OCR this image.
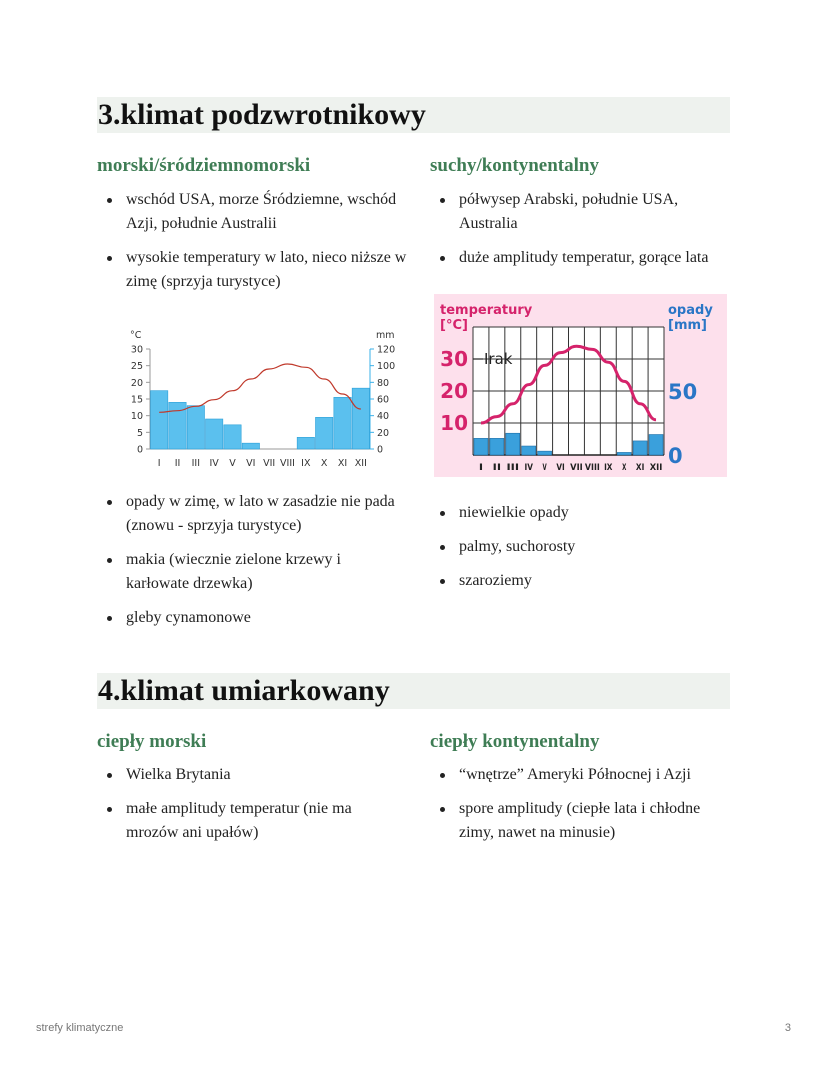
3.klimat podzwrotnikowy
morski/śródziemnomorski	suchy/kontynentalny
wschód USA, morze Śródziemne, wschód Azji, południe Australii
wysokie temperatury w lato, nieco niższe w zimę (sprzyja turystyce)
półwysep Arabski, południe USA, Australia
duże amplitudy temperatur, gorące lata
°C	mm
30
25
20
15
10
5
0
120
100
80
60
40
20
0
I II III IV V VI VII VIII IX X XI XII
temperatury [°C]
opady [mm]
30
20
10
50
0
I II III IV V VI VII VIII IX X XI XII
Irak
opady w zimę, w lato w zasadzie nie pada (znowu - sprzyja turystyce)
makia (wiecznie zielone krzewy i karłowate drzewka)
gleby cynamonowe
niewielkie opady
palmy, suchorosty
szaroziemy
4.klimat umiarkowany
ciepły morski	ciepły kontynentalny
Wielka Brytania
małe amplitudy temperatur (nie ma mrozów ani upałów)
“wnętrze” Ameryki Północnej i Azji
spore amplitudy (ciepłe lata i chłodne zimy, nawet na minusie)
strefy klimatyczne	3
